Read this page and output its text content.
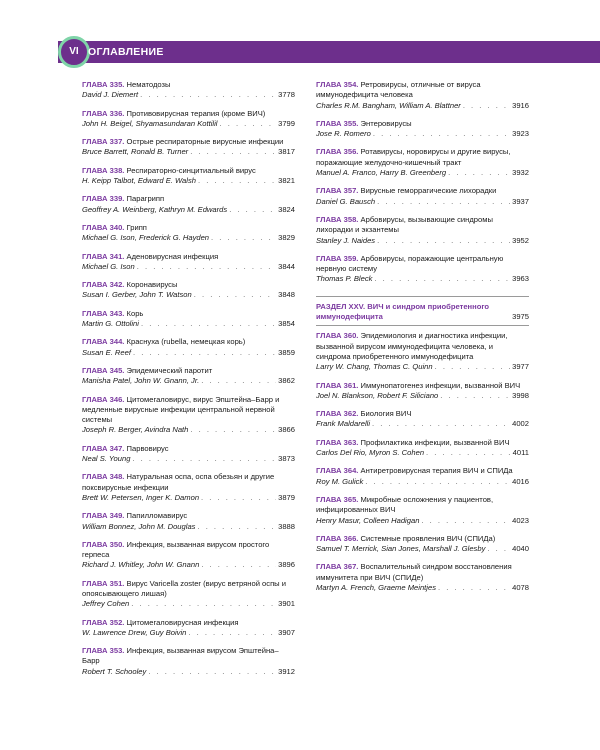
VI ОГЛАВЛЕНИЕ
ГЛАВА 335. Нематодозы
David J. Diemert . . .	3778
ГЛАВА 336. Противовирусная терапия (кроме ВИЧ)
John H. Beigel, Shyamasundaran Kottilil . . .	3799
ГЛАВА 337. Острые респираторные вирусные инфекции
Bruce Barrett, Ronald B. Turner . . .	3817
ГЛАВА 338. Респираторно-синцитиальный вирус
H. Keipp Talbot, Edward E. Walsh . . .	3821
ГЛАВА 339. Парагрипп
Geoffrey A. Weinberg, Kathryn M. Edwards . . .	3824
ГЛАВА 340. Грипп
Michael G. Ison, Frederick G. Hayden . . .	3829
ГЛАВА 341. Аденовирусная инфекция
Michael G. Ison . . .	3844
ГЛАВА 342. Коронавирусы
Susan I. Gerber, John T. Watson . . .	3848
ГЛАВА 343. Корь
Martin G. Ottolini . . .	3854
ГЛАВА 344. Краснуха (rubella, немецкая корь)
Susan E. Reef . . .	3859
ГЛАВА 345. Эпидемический паротит
Manisha Patel, John W. Gnann, Jr. . . .	3862
ГЛАВА 346. Цитомегаловирус, вирус Эпштейна–Барр и медленные вирусные инфекции центральной нервной системы
Joseph R. Berger, Avindra Nath . . .	3866
ГЛАВА 347. Парвовирус
Neal S. Young . . .	3873
ГЛАВА 348. Натуральная оспа, оспа обезьян и другие поксвирусные инфекции
Brett W. Petersen, Inger K. Damon . . .	3879
ГЛАВА 349. Папилломавирус
William Bonnez, John M. Douglas . . .	3888
ГЛАВА 350. Инфекция, вызванная вирусом простого герпеса
Richard J. Whitley, John W. Gnann . . .	3896
ГЛАВА 351. Вирус Varicella zoster (вирус ветряной оспы и опоясывающего лишая)
Jeffrey Cohen . . .	3901
ГЛАВА 352. Цитомегаловирусная инфекция
W. Lawrence Drew, Guy Boivin . . .	3907
ГЛАВА 353. Инфекция, вызванная вирусом Эпштейна–Барр
Robert T. Schooley . . .	3912
ГЛАВА 354. Ретровирусы, отличные от вируса иммунодефицита человека
Charles R.M. Bangham, William A. Blattner . . .	3916
ГЛАВА 355. Энтеровирусы
Jose R. Romero . . .	3923
ГЛАВА 356. Ротавирусы, норовирусы и другие вирусы, поражающие желудочно-кишечный тракт
Manuel A. Franco, Harry B. Greenberg . . .	3932
ГЛАВА 357. Вирусные геморрагические лихорадки
Daniel G. Bausch . . .	3937
ГЛАВА 358. Арбовирусы, вызывающие синдромы лихорадки и экзантемы
Stanley J. Naides . . .	3952
ГЛАВА 359. Арбовирусы, поражающие центральную нервную систему
Thomas P. Bleck . . .	3963
РАЗДЕЛ XXV. ВИЧ и синдром приобретенного иммунодефицита	3975
ГЛАВА 360. Эпидемиология и диагностика инфекции, вызванной вирусом иммунодефицита человека, и синдрома приобретенного иммунодефицита
Larry W. Chang, Thomas C. Quinn . . .	3977
ГЛАВА 361. Иммунопатогенез инфекции, вызванной ВИЧ
Joel N. Blankson, Robert F. Siliciano . . .	3998
ГЛАВА 362. Биология ВИЧ
Frank Maldarelli . . .	4002
ГЛАВА 363. Профилактика инфекции, вызванной ВИЧ
Carlos Del Rio, Myron S. Cohen . . .	4011
ГЛАВА 364. Антиретровирусная терапия ВИЧ и СПИДа
Roy M. Gulick . . .	4016
ГЛАВА 365. Микробные осложнения у пациентов, инфицированных ВИЧ
Henry Masur, Colleen Hadigan . . .	4023
ГЛАВА 366. Системные проявления ВИЧ (СПИДа)
Samuel T. Merrick, Sian Jones, Marshall J. Glesby . . .	4040
ГЛАВА 367. Воспалительный синдром восстановления иммунитета при ВИЧ (СПИДе)
Martyn A. French, Graeme Meintjes . . .	4078
